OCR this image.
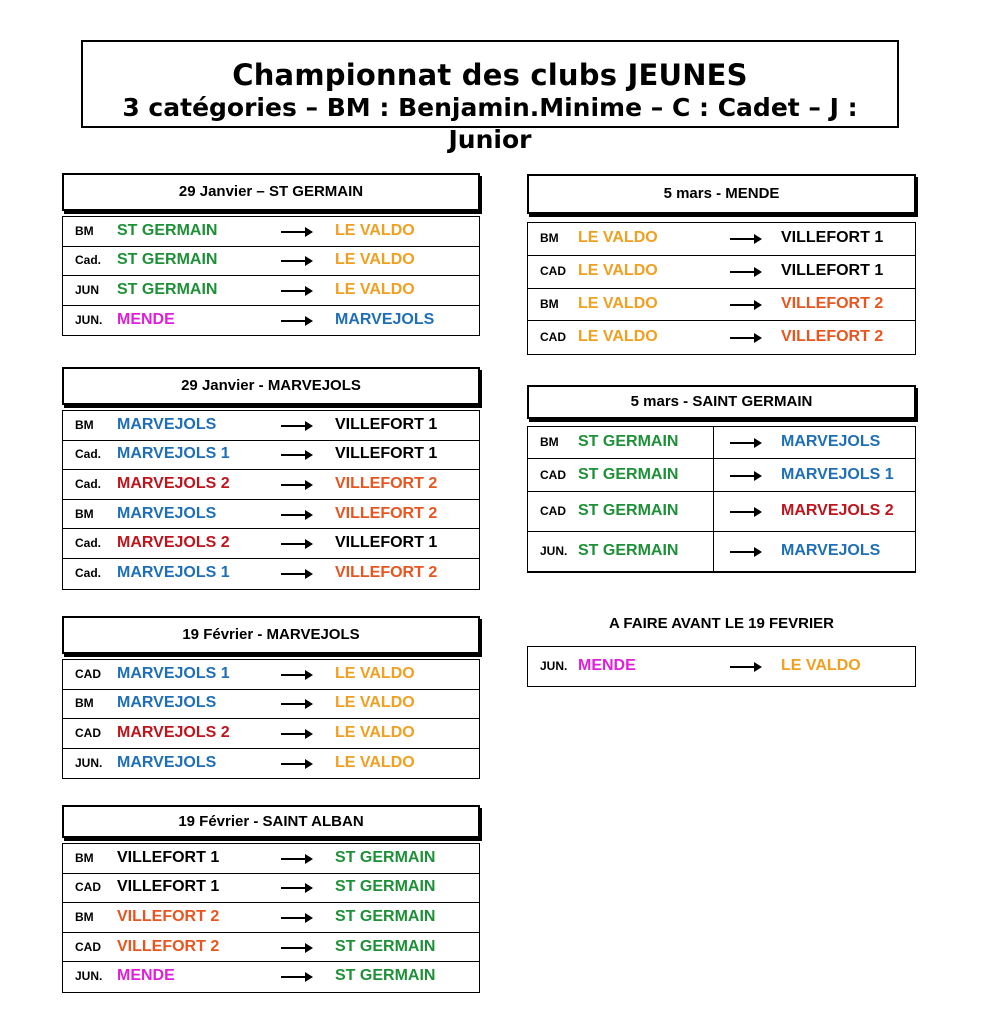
Championnat des clubs JEUNES
3 catégories – BM : Benjamin.Minime – C : Cadet – J : Junior
29 Janvier – ST GERMAIN
BM ST GERMAIN	LE VALDO
Cad. ST GERMAIN	LE VALDO
JUN ST GERMAIN	LE VALDO
JUN. MENDE	MARVEJOLS
29 Janvier - MARVEJOLS
BM MARVEJOLS	VILLEFORT 1
Cad. MARVEJOLS 1	VILLEFORT 1
Cad. MARVEJOLS 2	VILLEFORT 2
BM MARVEJOLS	VILLEFORT 2
Cad. MARVEJOLS 2	VILLEFORT 1
Cad. MARVEJOLS 1	VILLEFORT 2
19 Février - MARVEJOLS
CAD MARVEJOLS 1	LE VALDO
BM MARVEJOLS	LE VALDO
CAD MARVEJOLS 2	LE VALDO
JUN. MARVEJOLS	LE VALDO
19 Février - SAINT ALBAN
BM VILLEFORT 1	ST GERMAIN
CAD VILLEFORT 1	ST GERMAIN
BM VILLEFORT 2	ST GERMAIN
CAD VILLEFORT 2	ST GERMAIN
JUN. MENDE	ST GERMAIN
5 mars - MENDE
BM LE VALDO	VILLEFORT 1
CAD LE VALDO	VILLEFORT 1
BM LE VALDO	VILLEFORT 2
CAD LE VALDO	VILLEFORT 2
5 mars - SAINT GERMAIN
BM ST GERMAIN	MARVEJOLS
CAD ST GERMAIN	MARVEJOLS 1
CAD ST GERMAIN	MARVEJOLS 2
JUN. ST GERMAIN	MARVEJOLS
A FAIRE AVANT LE 19 FEVRIER
JUN. MENDE	LE VALDO
